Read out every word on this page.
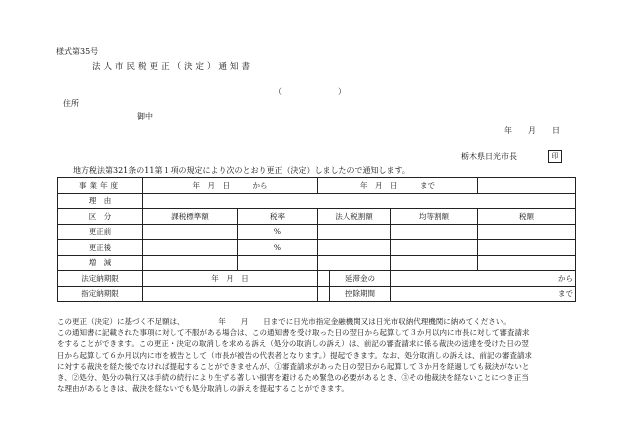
様式第35号
法人市民税更正（決定）通知書
（　　　　　　　）
住所
御中
年　　月　　日
栃木県日光市長	印
地方税法第321条の11第１項の規定により次のとおり更正（決定）しましたので通知します。
事業年度	年　月　日　　　から		年　月　日　　　まで			
理　由						
区　分	課税標準額	税率	法人税割額		均等割額	税額
更正前		%				
更正後		%				
増　減						
法定納期限	年　月　日			延滞金の	から	
指定納期限				控除期間	まで	
この更正（決定）に基づく不足額は、　　　　　年　　月　　日までに日光市指定金融機関又は日光市収納代理機関に納めてください。
この通知書に記載された事項に対して不服がある場合は、この通知書を受け取った日の翌日から起算して３か月以内に市長に対して審査請求
をすることができます。この更正・決定の取消しを求める訴え（処分の取消しの訴え）は、前記の審査請求に係る裁決の送達を受けた日の翌
日から起算して６か月以内に市を被告として（市長が被告の代表者となります。）提起できます。なお、処分取消しの訴えは、前記の審査請求
に対する裁決を経た後でなければ提起することができませんが、①審査請求があった日の翌日から起算して３か月を経過しても裁決がないと
き、②処分、処分の執行又は手続の続行により生ずる著しい損害を避けるため緊急の必要があるとき、③その他裁決を経ないことにつき正当
な理由があるときは、裁決を経ないでも処分取消しの訴えを提起することができます。
